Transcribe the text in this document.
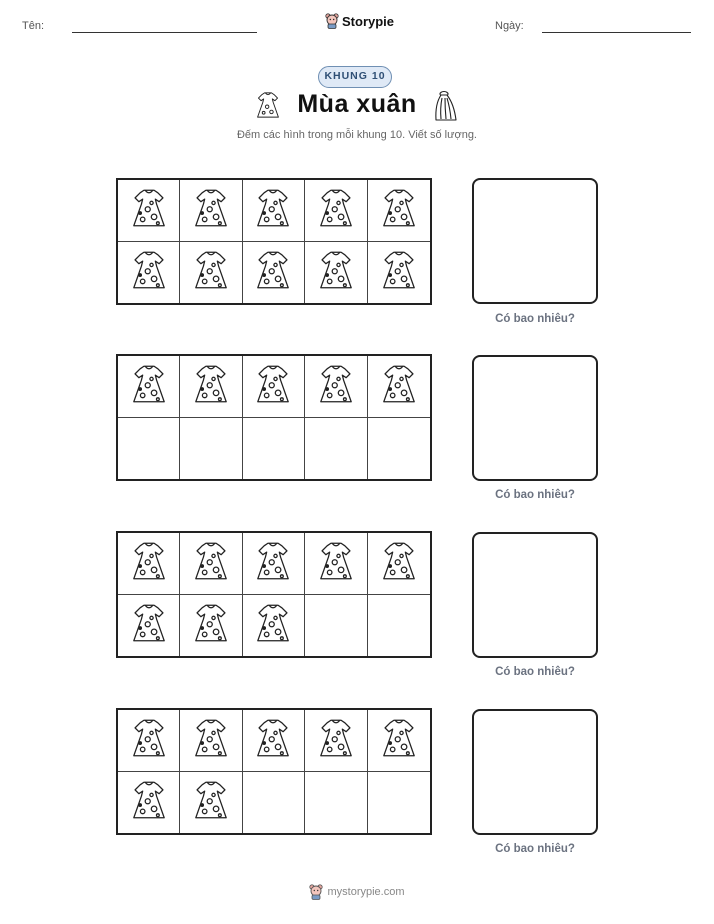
Tên:	Storypie	Ngày:
KHUNG 10
Mùa xuân
Đếm các hình trong mỗi khung 10. Viết số lượng.
Có bao nhiêu?
Có bao nhiêu?
Có bao nhiêu?
Có bao nhiêu?
mystorypie.com
